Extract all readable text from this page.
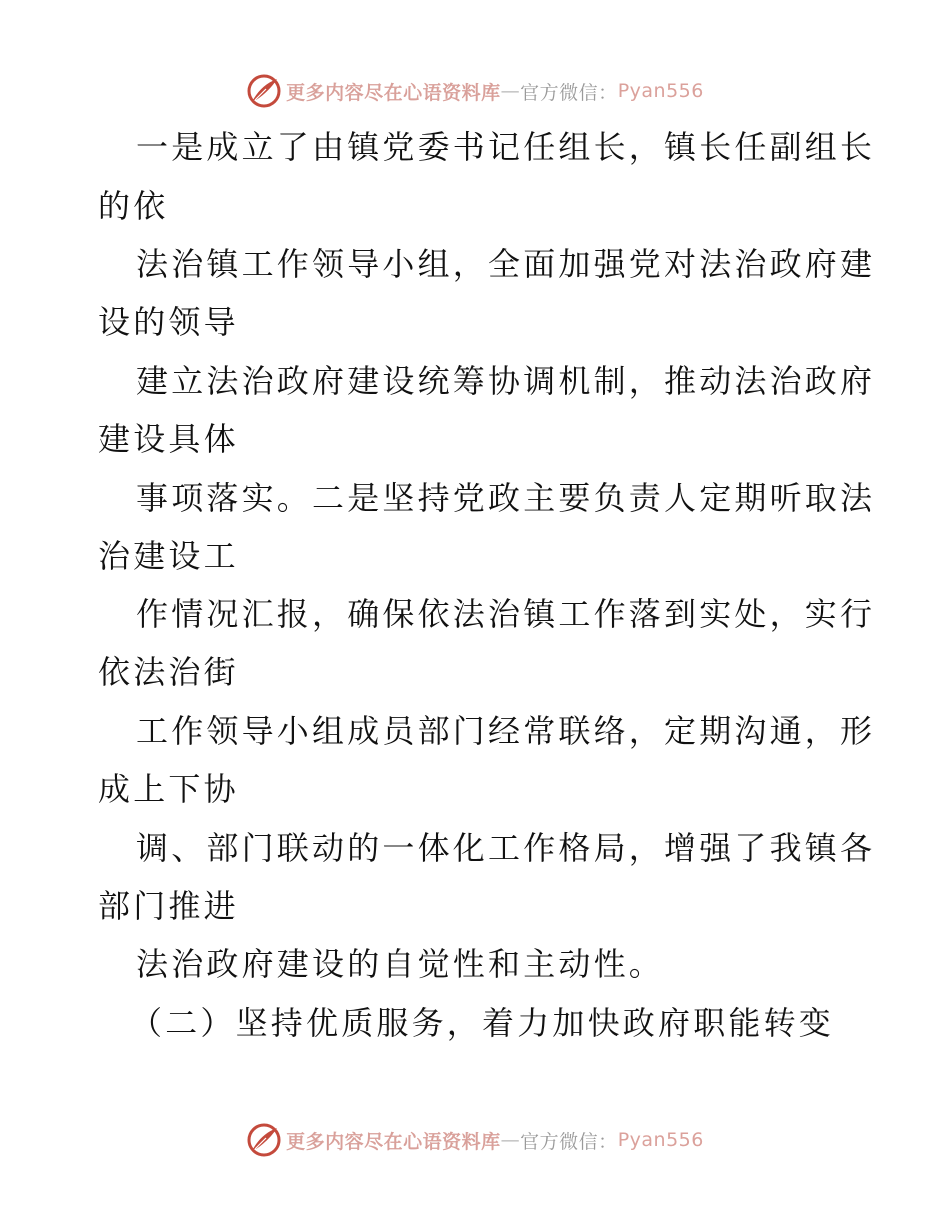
更多内容尽在心语资料库 — 官方微信： Pyan556
一是成立了由镇党委书记任组长，镇长任副组长
的依
法治镇工作领导小组，全面加强党对法治政府建
设的领导
建立法治政府建设统筹协调机制，推动法治政府
建设具体
事项落实。二是坚持党政主要负责人定期听取法
治建设工
作情况汇报，确保依法治镇工作落到实处，实行
依法治街
工作领导小组成员部门经常联络，定期沟通，形
成上下协
调、部门联动的一体化工作格局，增强了我镇各
部门推进
法治政府建设的自觉性和主动性。
（二）坚持优质服务，着力加快政府职能转变
更多内容尽在心语资料库 — 官方微信： Pyan556
